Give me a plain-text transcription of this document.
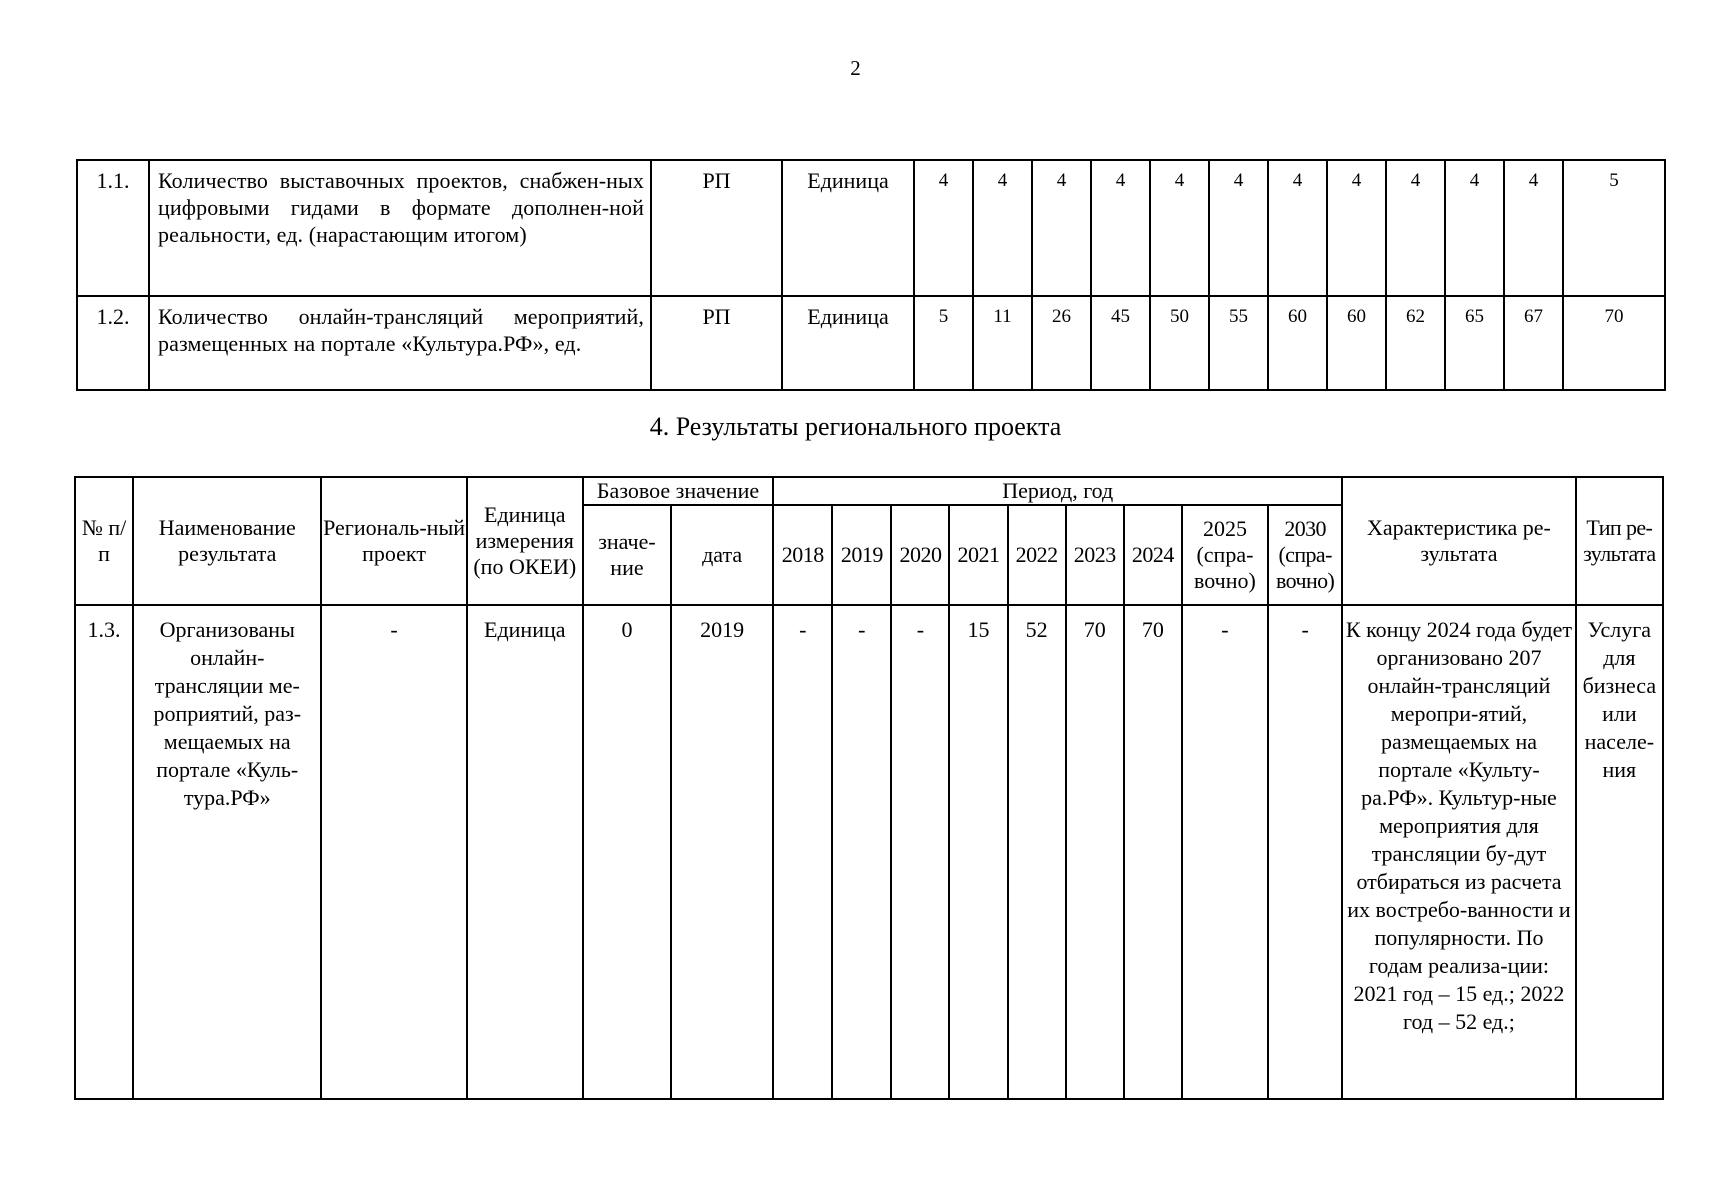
2
1.1.	Количество выставочных проектов, снабжен-ных цифровыми гидами в формате дополнен-ной реальности, ед. (нарастающим итогом)	РП	Единица	4	4	4	4	4	4	4	4	4	4	4	5
1.2.	Количество онлайн-трансляций мероприятий, размещенных на портале «Культура.РФ», ед.	РП	Единица	5	11	26	45	50	55	60	60	62	65	67	70
4. Результаты регионального проекта
№ п/п	Наименование результата	Региональ-ный проект	Единица измерения (по ОКЕИ)	Базовое значение		Период, год									Характеристика ре-зультата	Тип ре-зультата
				значе-ние	дата	2018	2019	2020	2021	2022	2023	2024	2025 (спра-вочно)	2030 (спра-вочно)		
1.3.	Организованы онлайн-трансляции ме-роприятий, раз-мещаемых на портале «Куль-тура.РФ»	-	Единица	0	2019	-	-	-	15	52	70	70	-	-	К концу 2024 года будет организовано 207 онлайн-трансляций меропри-ятий, размещаемых на портале «Культу-ра.РФ». Культур-ные мероприятия для трансляции бу-дут отбираться из расчета их востребо-ванности и популярности. По годам реализа-ции: 2021 год – 15 ед.; 2022 год – 52 ед.;	Услуга для бизнеса или населе-ния
